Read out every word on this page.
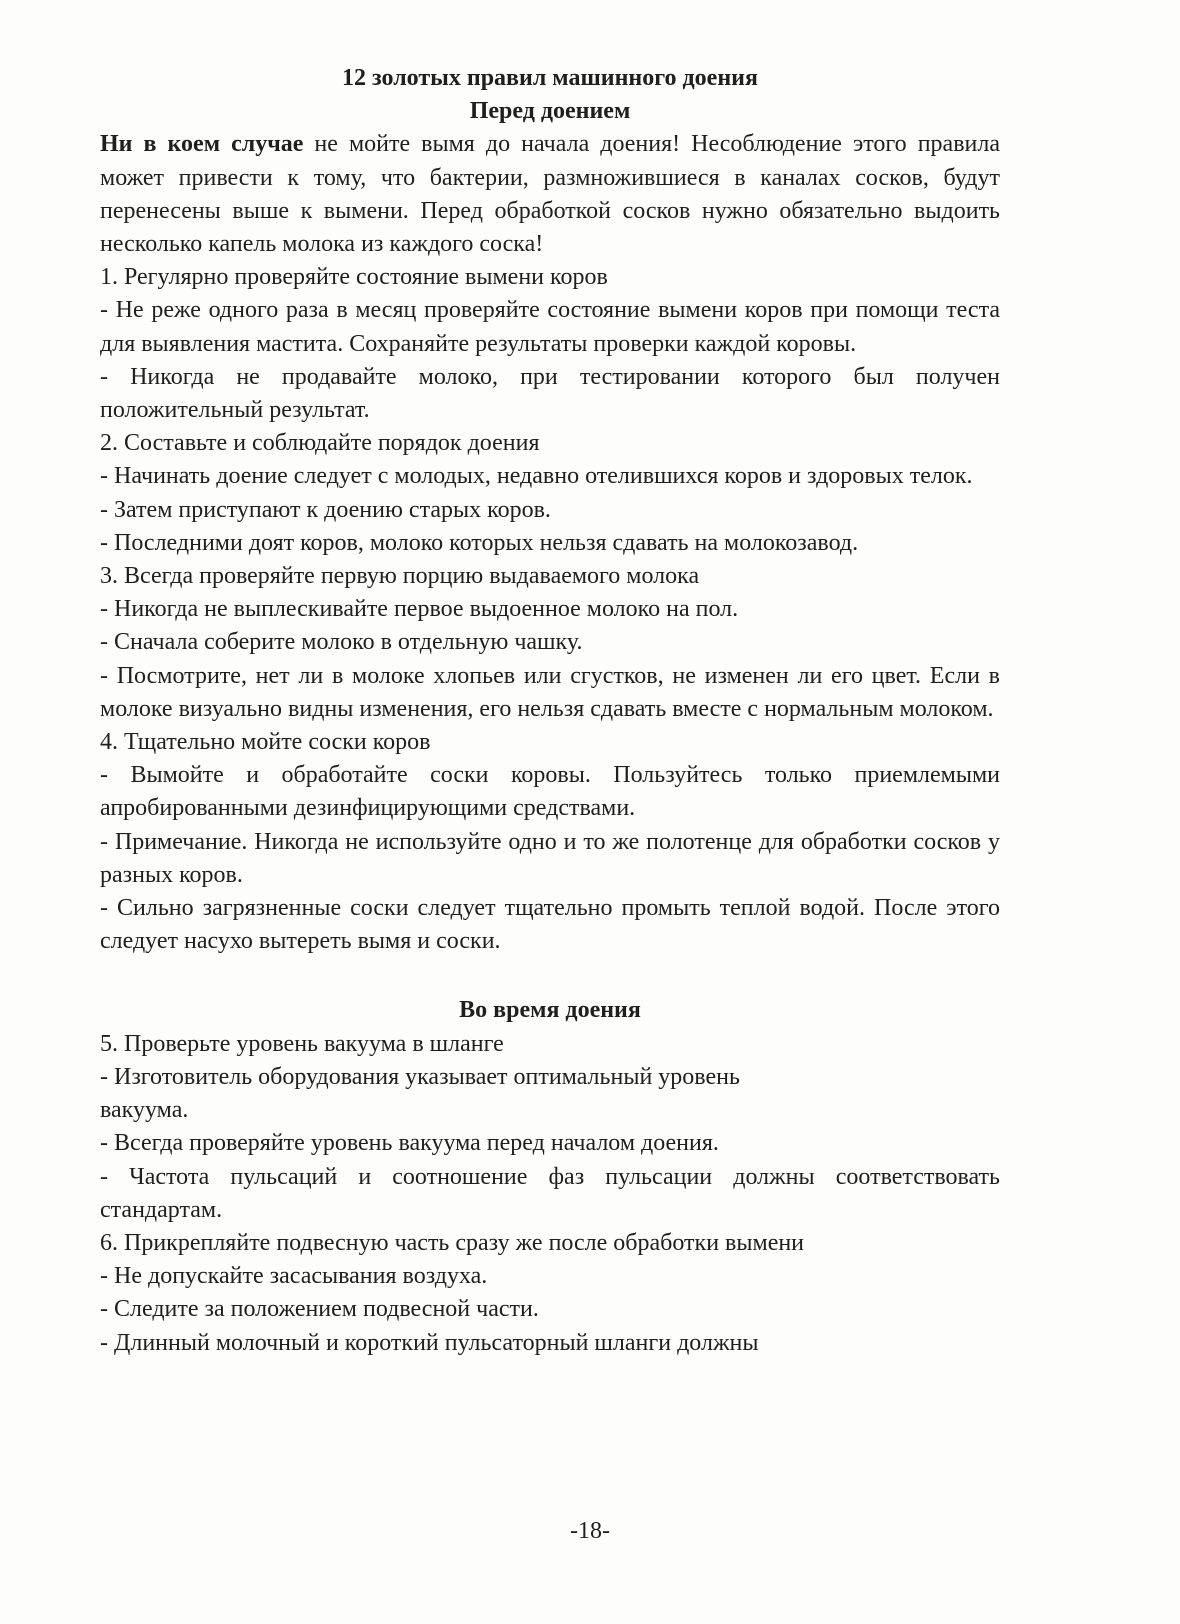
12 золотых правил машинного доения

Перед доением

Ни в коем случае не мойте вымя до начала доения! Несоблюдение этого правила может привести к тому, что бактерии, размножившиеся в каналах сосков, будут перенесены выше к вымени. Перед обработкой сосков нужно обязательно выдоить несколько капель молока из каждого соска!

1. Регулярно проверяйте состояние вымени коров

- Не реже одного раза в месяц проверяйте состояние вымени коров при помощи теста для выявления мастита. Сохраняйте результаты проверки каждой коровы.

- Никогда не продавайте молоко, при тестировании которого был получен положительный результат.

2. Составьте и соблюдайте порядок доения

- Начинать доение следует с молодых, недавно отелившихся коров и здоровых телок.

- Затем приступают к доению старых коров.

- Последними доят коров, молоко которых нельзя сдавать на молокозавод.

3. Всегда проверяйте первую порцию выдаваемого молока

- Никогда не выплескивайте первое выдоенное молоко на пол.

- Сначала соберите молоко в отдельную чашку.

- Посмотрите, нет ли в молоке хлопьев или сгустков, не изменен ли его цвет. Если в молоке визуально видны изменения, его нельзя сдавать вместе с нормальным молоком.

4. Тщательно мойте соски коров

- Вымойте и обработайте соски коровы. Пользуйтесь только приемлемыми апробированными дезинфицирующими средствами.

- Примечание. Никогда не используйте одно и то же полотенце для обработки сосков у разных коров.

- Сильно загрязненные соски следует тщательно промыть теплой водой. После этого следует насухо вытереть вымя и соски.

Во время доения

5. Проверьте уровень вакуума в шланге

- Изготовитель оборудования указывает оптимальный уровень

вакуума.

- Всегда проверяйте уровень вакуума перед началом доения.

- Частота пульсаций и соотношение фаз пульсации должны соответствовать стандартам.

6. Прикрепляйте подвесную часть сразу же после обработки вымени

- Не допускайте засасывания воздуха.

- Следите за положением подвесной части.

- Длинный молочный и короткий пульсаторный шланги должны

-18-
